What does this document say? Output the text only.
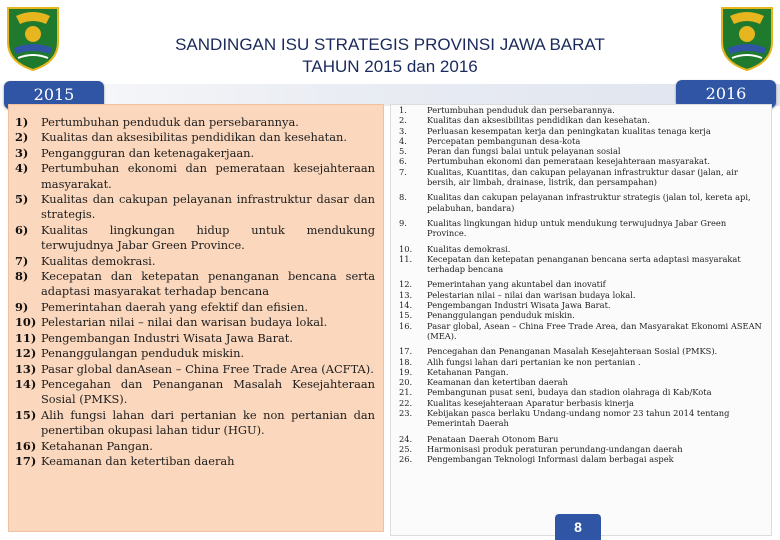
SANDINGAN ISU STRATEGIS PROVINSI JAWA BARAT
TAHUN 2015 dan 2016
2015	2016
1)	Pertumbuhan penduduk dan persebarannya.
2)	Kualitas dan aksesibilitas pendidikan dan kesehatan.
3)	Pengangguran dan ketenagakerjaan.
4)	Pertumbuhan ekonomi dan pemerataan kesejahteraan masyarakat.
5)	Kualitas dan cakupan pelayanan infrastruktur dasar dan strategis.
6)	Kualitas lingkungan hidup untuk mendukung terwujudnya Jabar Green Province.
7)	Kualitas demokrasi.
8)	Kecepatan dan ketepatan penanganan bencana serta adaptasi masyarakat terhadap bencana
9)	Pemerintahan daerah yang efektif dan efisien.
10) Pelestarian nilai – nilai dan warisan budaya lokal.
11) Pengembangan Industri Wisata Jawa Barat.
12) Penanggulangan penduduk miskin.
13) Pasar global danAsean – China Free Trade Area (ACFTA).
14) Pencegahan dan Penanganan Masalah Kesejahteraan Sosial (PMKS).
15) Alih fungsi lahan dari pertanian ke non pertanian dan penertiban okupasi lahan tidur (HGU).
16) Ketahanan Pangan.
17) Keamanan dan ketertiban daerah
1.	Pertumbuhan penduduk dan persebarannya.
2.	Kualitas dan aksesibilitas pendidikan dan kesehatan.
3.	Perluasan kesempatan kerja dan peningkatan kualitas tenaga kerja
4.	Percepatan pembangunan desa-kota
5.	Peran dan fungsi balai untuk pelayanan sosial
6.	Pertumbuhan ekonomi dan pemerataan kesejahteraan masyarakat.
7.	Kualitas, Kuantitas, dan cakupan pelayanan infrastruktur dasar (jalan, air bersih, air limbah, drainase, listrik, dan persampahan)
8.	Kualitas dan cakupan pelayanan infrastruktur strategis (jalan tol, kereta api, pelabuhan, bandara)
9.	Kualitas lingkungan hidup untuk mendukung terwujudnya Jabar Green Province.
10.	Kualitas demokrasi.
11.	Kecepatan dan ketepatan penanganan bencana serta adaptasi masyarakat terhadap bencana
12.	Pemerintahan yang akuntabel dan inovatif
13.	Pelestarian nilai – nilai dan warisan budaya lokal.
14.	Pengembangan Industri Wisata Jawa Barat.
15.	Penanggulangan penduduk miskin.
16.	Pasar global, Asean – China Free Trade Area, dan Masyarakat Ekonomi ASEAN (MEA).
17.	Pencegahan dan Penanganan Masalah Kesejahteraan Sosial (PMKS).
18.	Alih fungsi lahan dari pertanian ke non pertanian .
19.	Ketahanan Pangan.
20.	Keamanan dan ketertiban daerah
21.	Pembangunan pusat seni, budaya dan stadion olahraga di Kab/Kota
22.	Kualitas kesejahteraan Aparatur berbasis kinerja
23.	Kebijakan pasca berlaku Undang-undang nomor 23 tahun 2014 tentang Pemerintah Daerah
24.	Penataan Daerah Otonom Baru
25.	Harmonisasi produk peraturan perundang-undangan daerah
26.	Pengembangan Teknologi Informasi dalam berbagai aspek
8
